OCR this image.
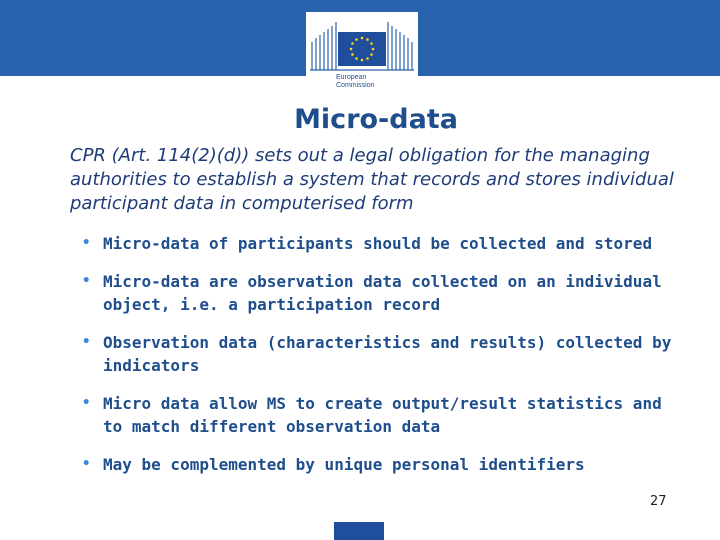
European
Commission
Micro-data
CPR (Art. 114(2)(d)) sets out a legal obligation for the managing authorities to establish a system that records and stores individual participant data in computerised form
• Micro-data of participants should be collected and stored
• Micro-data are observation data collected on an individual object, i.e. a participation record
• Observation data (characteristics and results) collected by indicators
• Micro data allow MS to create output/result statistics and to match different observation data
• May be complemented by unique personal identifiers
27
